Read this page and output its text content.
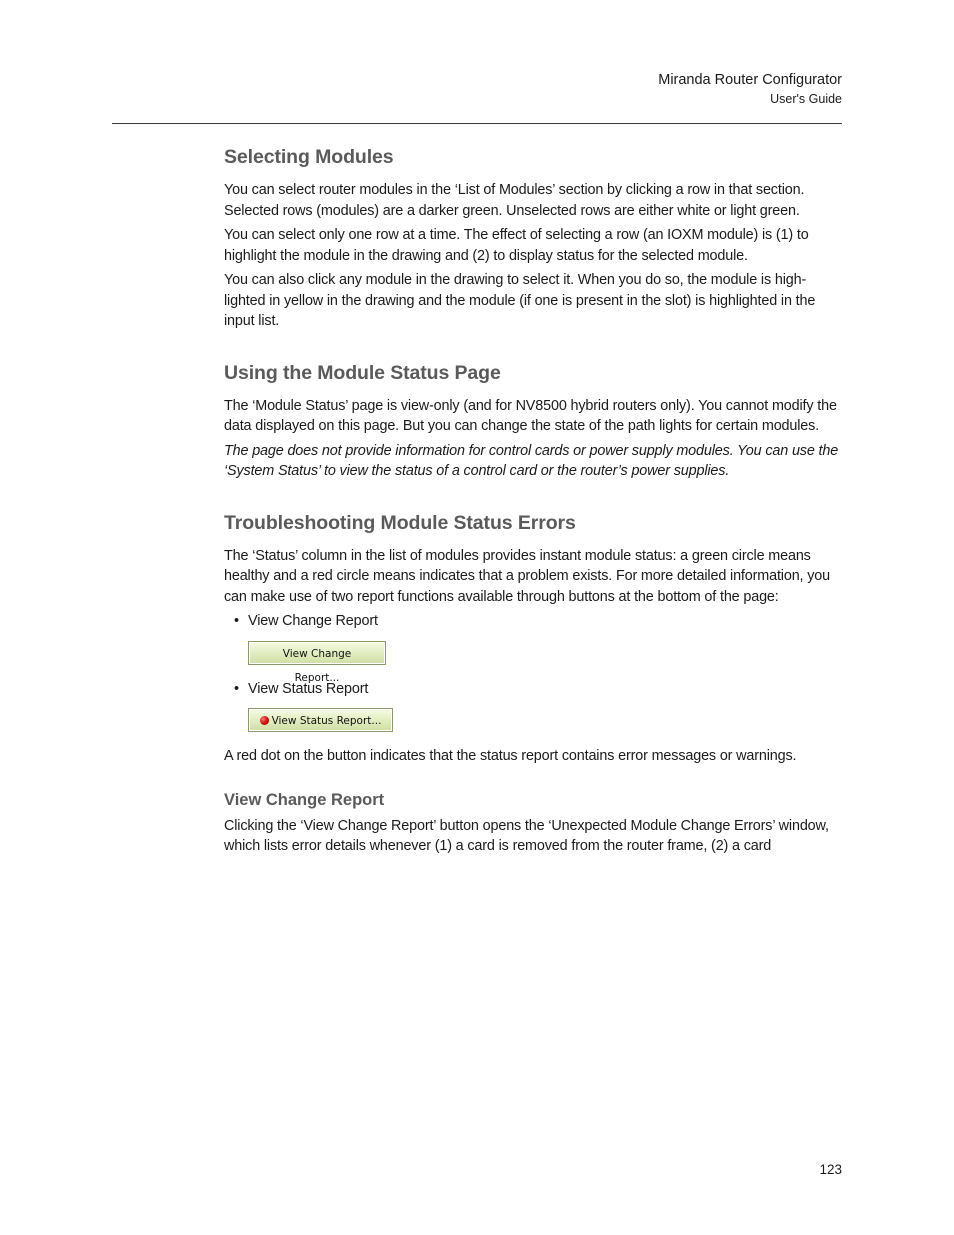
Miranda Router Configurator
User's Guide
Selecting Modules

You can select router modules in the ‘List of Modules’ section by clicking a row in that section. Selected rows (modules) are a darker green. Unselected rows are either white or light green.

You can select only one row at a time. The effect of selecting a row (an IOXM module) is (1) to highlight the module in the drawing and (2) to display status for the selected module.

You can also click any module in the drawing to select it. When you do so, the module is high-lighted in yellow in the drawing and the module (if one is present in the slot) is highlighted in the input list.

Using the Module Status Page

The ‘Module Status’ page is view-only (and for NV8500 hybrid routers only). You cannot modify the data displayed on this page. But you can change the state of the path lights for certain modules.

The page does not provide information for control cards or power supply modules. You can use the ‘System Status’ to view the status of a control card or the router’s power supplies.

Troubleshooting Module Status Errors

The ‘Status’ column in the list of modules provides instant module status: a green circle means healthy and a red circle means indicates that a problem exists. For more detailed information, you can make use of two report functions available through buttons at the bottom of the page:

• View Change Report
View Change Report...
• View Status Report
View Status Report...

A red dot on the button indicates that the status report contains error messages or warnings.

View Change Report

Clicking the ‘View Change Report’ button opens the ‘Unexpected Module Change Errors’ window, which lists error details whenever (1) a card is removed from the router frame, (2) a card

123
